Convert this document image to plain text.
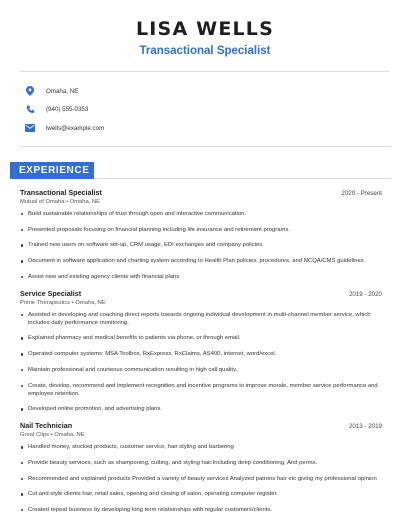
LISA WELLS
Transactional Specialist
Omaha, NE
(940) 555-0353
lwells@example.com
EXPERIENCE
Transactional Specialist	2020 - Present
Mutual of Omaha • Omaha, NE
Build sustainable relationships of trust through open and interactive communication.
Presented proposals focusing on financial planning including life insurance and retirement programs.
Trained new users on software set-up, CRM usage, EDI exchanges and company policies.
Document in software application and charting system according to Health Plan policies, procedures, and NCQA/CMS guidelines.
Assist new and existing agency clients with financial plans
Service Specialist	2019 - 2020
Prime Therapeutics • Omaha, NE
Assisted in developing and coaching direct reports towards ongoing individual development in multi-channel member service, which includes daily performance monitoring.
Explained pharmacy and medical benefits to patients via phone, or through email.
Operated computer systems: MSA Toolbox, RxExpress, RxClaims, AS400, internet, word/excel.
Maintain professional and courteous communication resulting in high call quality.
Create, develop, recommend and implement recognition and incentive programs to improve morale, member service performance and employee retention.
Developed online promotion, and advertising plans.
Nail Technician	2013 - 2019
Great Clips • Omaha, NE
Handled money, stocked products, customer service, hair styling and barbering
Provide beauty services, such as shampooing, cutting, and styling hair.Including deep conditioning, And perms.
Recommended and explained products Provided a variety of beauty services Analyzed patrons hair etc giving my professional opinion
Cut and style clients hair, retail sales, opening and closing of salon, operating computer register.
Created repeat business by developing long term relationships with regular customers/clients.
